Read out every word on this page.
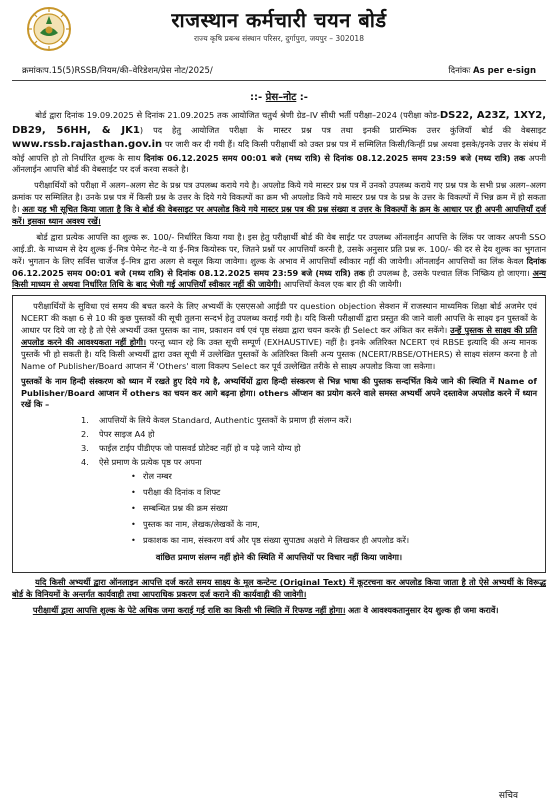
राजस्थान कर्मचारी चयन बोर्ड
राज्य कृषि प्रबन्ध संस्थान परिसर, दुर्गापुरा, जयपुर – 302018
क्रमांकःप.15(5)RSSB/नियम/की–वेरिडेशन/प्रेस नोट/2025/	दिनांकः As per e-sign
::- प्रेस–नोट :-

बोर्ड द्वारा दिनांक 19.09.2025 से दिनांक 21.09.2025 तक आयोजित चतुर्थ श्रेणी ग्रेड–IV सीधी भर्ती परीक्षा–2024 (परीक्षा कोड-DS22, A23Z, 1XY2, DB29, 56HH, & JK1) पद हेतु आयोजित परीक्षा के मास्टर प्रश्न पत्र तथा इनकी प्रारम्भिक उत्तर कुंजियाँ बोर्ड की वेबसाइट www.rssb.rajasthan.gov.in पर जारी कर दी गयी हैं। यदि किसी परीक्षार्थी को उक्त प्रश्न पत्र में सम्मिलित किसी/किन्हीं प्रश्न अथवा इसके/इनके उत्तर के संबंध में कोई आपत्ति हो तो निर्धारित शुल्क के साथ दिनांक 06.12.2025 समय 00:01 बजे (मध्य रात्रि) से दिनांक 08.12.2025 समय 23:59 बजे (मध्य रात्रि) तक अपनी ऑनलाईन आपत्ति बोर्ड की वेबसाईट पर दर्ज करवा सकते है।

परीक्षार्थियों को परीक्षा में अलग–अलग सेट के प्रश्न पत्र उपलब्ध कराये गये है। अपलोड किये गये मास्टर प्रश्न पत्र में उनको उपलब्ध कराये गए प्रश्न पत्र के सभी प्रश्न अलग–अलग क्रमांक पर सम्मिलित है। उनके प्रश्न पत्र में किसी प्रश्न के उत्तर के दिये गये विकल्पों का क्रम भी अपलोड किये गये मास्टर प्रश्न पत्र के प्रश्न के उत्तर के विकल्पों में भिन्न क्रम में हो सकता है। अतः यह भी सूचित किया जाता है कि वे बोर्ड की वेबसाइट पर अपलोड किये गये मास्टर प्रश्न पत्र की प्रश्न संख्या व उत्तर के विकल्पों के क्रम के आधार पर ही अपनी आपत्तियाँ दर्ज करें। इसका ध्यान अवश्य रखें।

बोर्ड द्वारा प्रत्येक आपत्ति का शुल्क रू. 100/- निर्धारित किया गया है। इस हेतु परीक्षार्थी बोर्ड की वेब साईट पर उपलब्ध ऑनलाईन आपत्ति के लिंक पर जाकर अपनी SSO आई.डी. के माध्यम से देय शुल्क ई–मित्र पेमेन्ट गेट–वे या ई–मित्र कियोस्क पर, जितने प्रश्नों पर आपत्तियाँ करनी है, उसके अनुसार प्रति प्रश्न रू. 100/- की दर से देय शुल्क का भुगतान करें। भुगतान के लिए सर्विस चार्जेज ई–मित्र द्वारा अलग से वसूल किया जावेगा। शुल्क के अभाव में आपत्तियाँ स्वीकार नहीं की जावेगी। ऑनलाईन आपत्तियों का लिंक केवल दिनांक 06.12.2025 समय 00:01 बजे (मध्य रात्रि) से दिनांक 08.12.2025 समय 23:59 बजे (मध्य रात्रि) तक ही उपलब्ध है, उसके पश्चात लिंक निष्क्रिय हो जाएगा। अन्य किसी माध्यम से अथवा निर्धारित तिथि के बाद भेजी गई आपत्तियाँ स्वीकार नहीं की जायेगी। आपत्तियाँ केवल एक बार ही की जायेगी।

परीक्षार्थियों के सुविधा एवं समय की बचत करने के लिए अभ्यर्थी के एसएसओ आईडी पर question objection सेक्शन में राजस्थान माध्यमिक शिक्षा बोर्ड अजमेर एवं NCERT की कक्षा 6 से 10 की कुछ पुस्तकों की सूची तुलना सन्दर्भ हेतु उपलब्ध कराई गयी है। यदि किसी परीक्षार्थी द्वारा प्रस्तुत की जाने वाली आपत्ति के साक्ष्य इन पुस्तकों के आधार पर दिये जा रहे है तो ऐसे अभ्यर्थी उक्त पुस्तक का नाम, प्रकाशन वर्ष एवं पृष्ठ संख्या द्वारा चयन करके ही Select कर अंकित कर सकेंगे। उन्हें पुस्तक से साक्ष्य की प्रति अपलोड करने की आवश्यकता नहीं होगी। परन्तु ध्यान रहे कि उक्त सूची सम्पूर्ण (EXHAUSTIVE) नहीं है। इनके अतिरिक्त NCERT एवं RBSE इत्यादि की अन्य मानक पुस्तकें भी हो सकती है। यदि किसी अभ्यर्थी द्वारा उक्त सूची में उल्लेखित पुस्तकों के अतिरिक्त किसी अन्य पुस्तक (NCERT/RBSE/OTHERS) से साक्ष्य संलग्न करना है तो Name of Publisher/Board आप्शन में 'Others' वाला विकल्प Select कर पूर्व उल्लेखित तरीके से साक्ष्य अपलोड किया जा सकेगा।

पुस्तकों के नाम हिन्दी संस्करण को ध्यान में रखते हुए दिये गये है, अभ्यर्थियों द्वारा हिन्दी संस्करण से भिन्न भाषा की पुस्तक सन्दर्भित किये जाने की स्थिति में Name of Publisher/Board आप्शन में others का चयन कर आगे बढ़ना होगा। others ऑप्शन का प्रयोग करने वाले समस्त अभ्यर्थी अपने दस्तावेज अपलोड करने में ध्यान रखें कि –

1. आपत्तियों के लिये केवल Standard, Authentic पुस्तकों के प्रमाण ही संलग्न करें।
2. पेपर साइज A4 हो
3. फाईल टाईप पीडीएफ जो पासवर्ड प्रोटेक्ट नहीं हो व पढ़े जाने योग्य हो
4. ऐसे प्रमाण के प्रत्येक पृष्ठ पर अपना
• रोल नम्बर
• परीक्षा की दिनांक व शिफ्ट
• सम्बन्धित प्रश्न की क्रम संख्या
• पुस्तक का नाम, लेखक/लेखकों के नाम,
• प्रकाशक का नाम, संस्करण वर्ष और पृष्ठ संख्या सुपाठ्य अक्षरो मे लिखकर ही अपलोड करें।

वांछित प्रमाण संलग्न नहीं होने की स्थिति में आपत्तियों पर विचार नहीं किया जावेगा।

यदि किसी अभ्यर्थी द्वारा ऑनलाइन आपत्ति दर्ज करते समय साक्ष्य के मूल कन्टेन्ट (Original Text) में कूटरचना कर अपलोड किया जाता है तो ऐसे अभ्यर्थी के विरूद्ध बोर्ड के विनियमों के अन्तर्गत कार्यवाही तथा आपराधिक प्रकरण दर्ज कराने की कार्यवाही की जावेगी।

परीक्षार्थी द्वारा आपत्ति शुल्क के पेटे अधिक जमा कराई गई राशि का किसी भी स्थिति में रिफण्ड नहीं होगा। अतः वे आवश्यकतानुसार देय शुल्क ही जमा करावें।

सचिव
